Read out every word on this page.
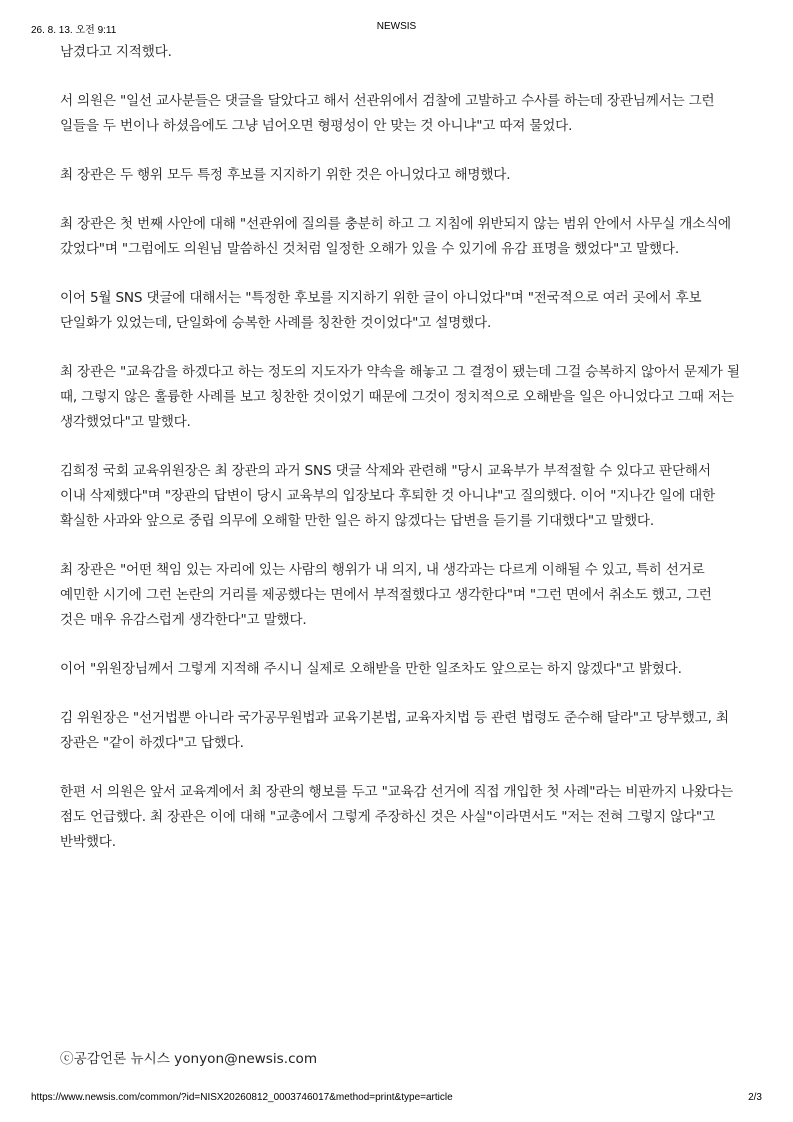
26. 8. 13. 오전 9:11	NEWSIS

남겼다고 지적했다.

서 의원은 "일선 교사분들은 댓글을 달았다고 해서 선관위에서 검찰에 고발하고 수사를 하는데 장관님께서는 그런 일들을 두 번이나 하셨음에도 그냥 넘어오면 형평성이 안 맞는 것 아니냐"고 따져 물었다.

최 장관은 두 행위 모두 특정 후보를 지지하기 위한 것은 아니었다고 해명했다.

최 장관은 첫 번째 사안에 대해 "선관위에 질의를 충분히 하고 그 지침에 위반되지 않는 범위 안에서 사무실 개소식에 갔었다"며 "그럼에도 의원님 말씀하신 것처럼 일정한 오해가 있을 수 있기에 유감 표명을 했었다"고 말했다.

이어 5월 SNS 댓글에 대해서는 "특정한 후보를 지지하기 위한 글이 아니었다"며 "전국적으로 여러 곳에서 후보 단일화가 있었는데, 단일화에 승복한 사례를 칭찬한 것이었다"고 설명했다.

최 장관은 "교육감을 하겠다고 하는 정도의 지도자가 약속을 해놓고 그 결정이 됐는데 그걸 승복하지 않아서 문제가 될 때, 그렇지 않은 훌륭한 사례를 보고 칭찬한 것이었기 때문에 그것이 정치적으로 오해받을 일은 아니었다고 그때 저는 생각했었다"고 말했다.

김희정 국회 교육위원장은 최 장관의 과거 SNS 댓글 삭제와 관련해 "당시 교육부가 부적절할 수 있다고 판단해서 이내 삭제했다"며 "장관의 답변이 당시 교육부의 입장보다 후퇴한 것 아니냐"고 질의했다. 이어 "지나간 일에 대한 확실한 사과와 앞으로 중립 의무에 오해할 만한 일은 하지 않겠다는 답변을 듣기를 기대했다"고 말했다.

최 장관은 "어떤 책임 있는 자리에 있는 사람의 행위가 내 의지, 내 생각과는 다르게 이해될 수 있고, 특히 선거로 예민한 시기에 그런 논란의 거리를 제공했다는 면에서 부적절했다고 생각한다"며 "그런 면에서 취소도 했고, 그런 것은 매우 유감스럽게 생각한다"고 말했다.

이어 "위원장님께서 그렇게 지적해 주시니 실제로 오해받을 만한 일조차도 앞으로는 하지 않겠다"고 밝혔다.

김 위원장은 "선거법뿐 아니라 국가공무원법과 교육기본법, 교육자치법 등 관련 법령도 준수해 달라"고 당부했고, 최 장관은 "같이 하겠다"고 답했다.

한편 서 의원은 앞서 교육계에서 최 장관의 행보를 두고 "교육감 선거에 직접 개입한 첫 사례"라는 비판까지 나왔다는 점도 언급했다. 최 장관은 이에 대해 "교총에서 그렇게 주장하신 것은 사실"이라면서도 "저는 전혀 그렇지 않다"고 반박했다.

ⓒ공감언론 뉴시스 yonyon@newsis.com
https://www.newsis.com/common/?id=NISX20260812_0003746017&method=print&type=article	2/3
